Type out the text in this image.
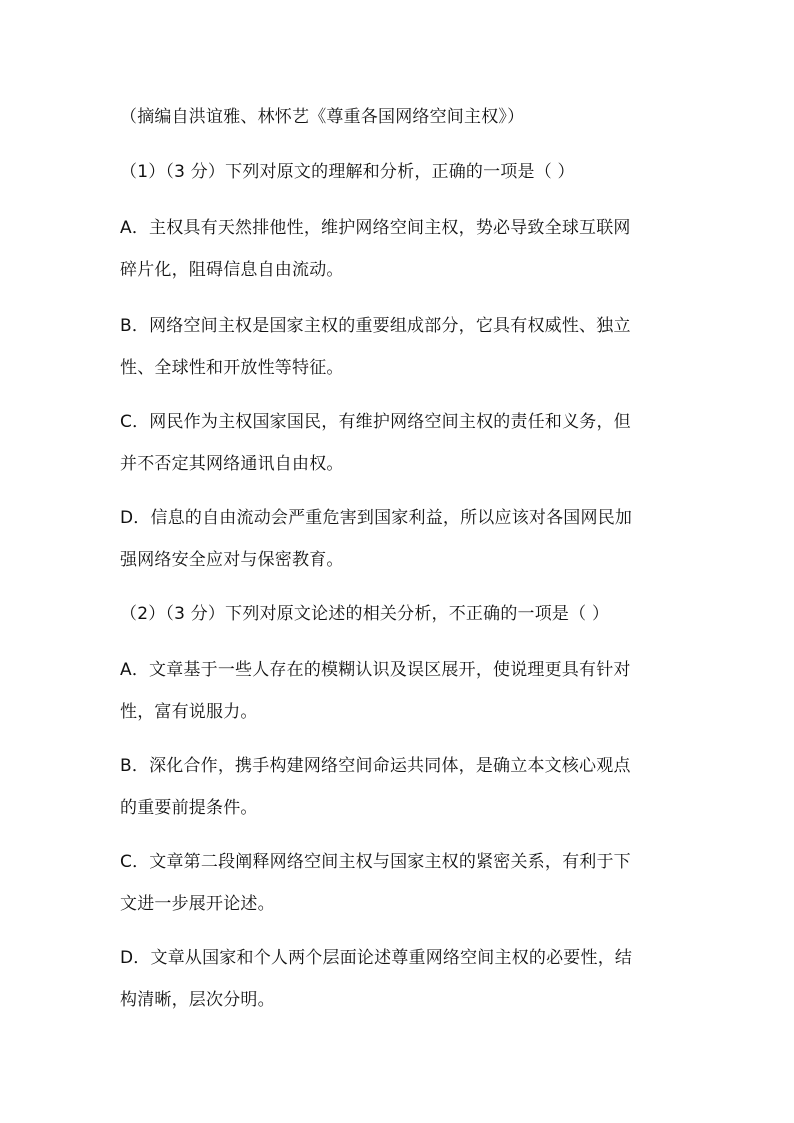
（摘编自洪谊雅、林怀艺《尊重各国网络空间主权》）
（1）（3 分）下列对原文的理解和分析，正确的一项是（ ）
A．主权具有天然排他性，维护网络空间主权，势必导致全球互联网
碎片化，阻碍信息自由流动。
B．网络空间主权是国家主权的重要组成部分，它具有权威性、独立
性、全球性和开放性等特征。
C．网民作为主权国家国民，有维护网络空间主权的责任和义务，但
并不否定其网络通讯自由权。
D．信息的自由流动会严重危害到国家利益，所以应该对各国网民加
强网络安全应对与保密教育。
（2）（3 分）下列对原文论述的相关分析，不正确的一项是（ ）
A．文章基于一些人存在的模糊认识及误区展开，使说理更具有针对
性，富有说服力。
B．深化合作，携手构建网络空间命运共同体，是确立本文核心观点
的重要前提条件。
C．文章第二段阐释网络空间主权与国家主权的紧密关系，有利于下
文进一步展开论述。
D．文章从国家和个人两个层面论述尊重网络空间主权的必要性，结
构清晰，层次分明。
